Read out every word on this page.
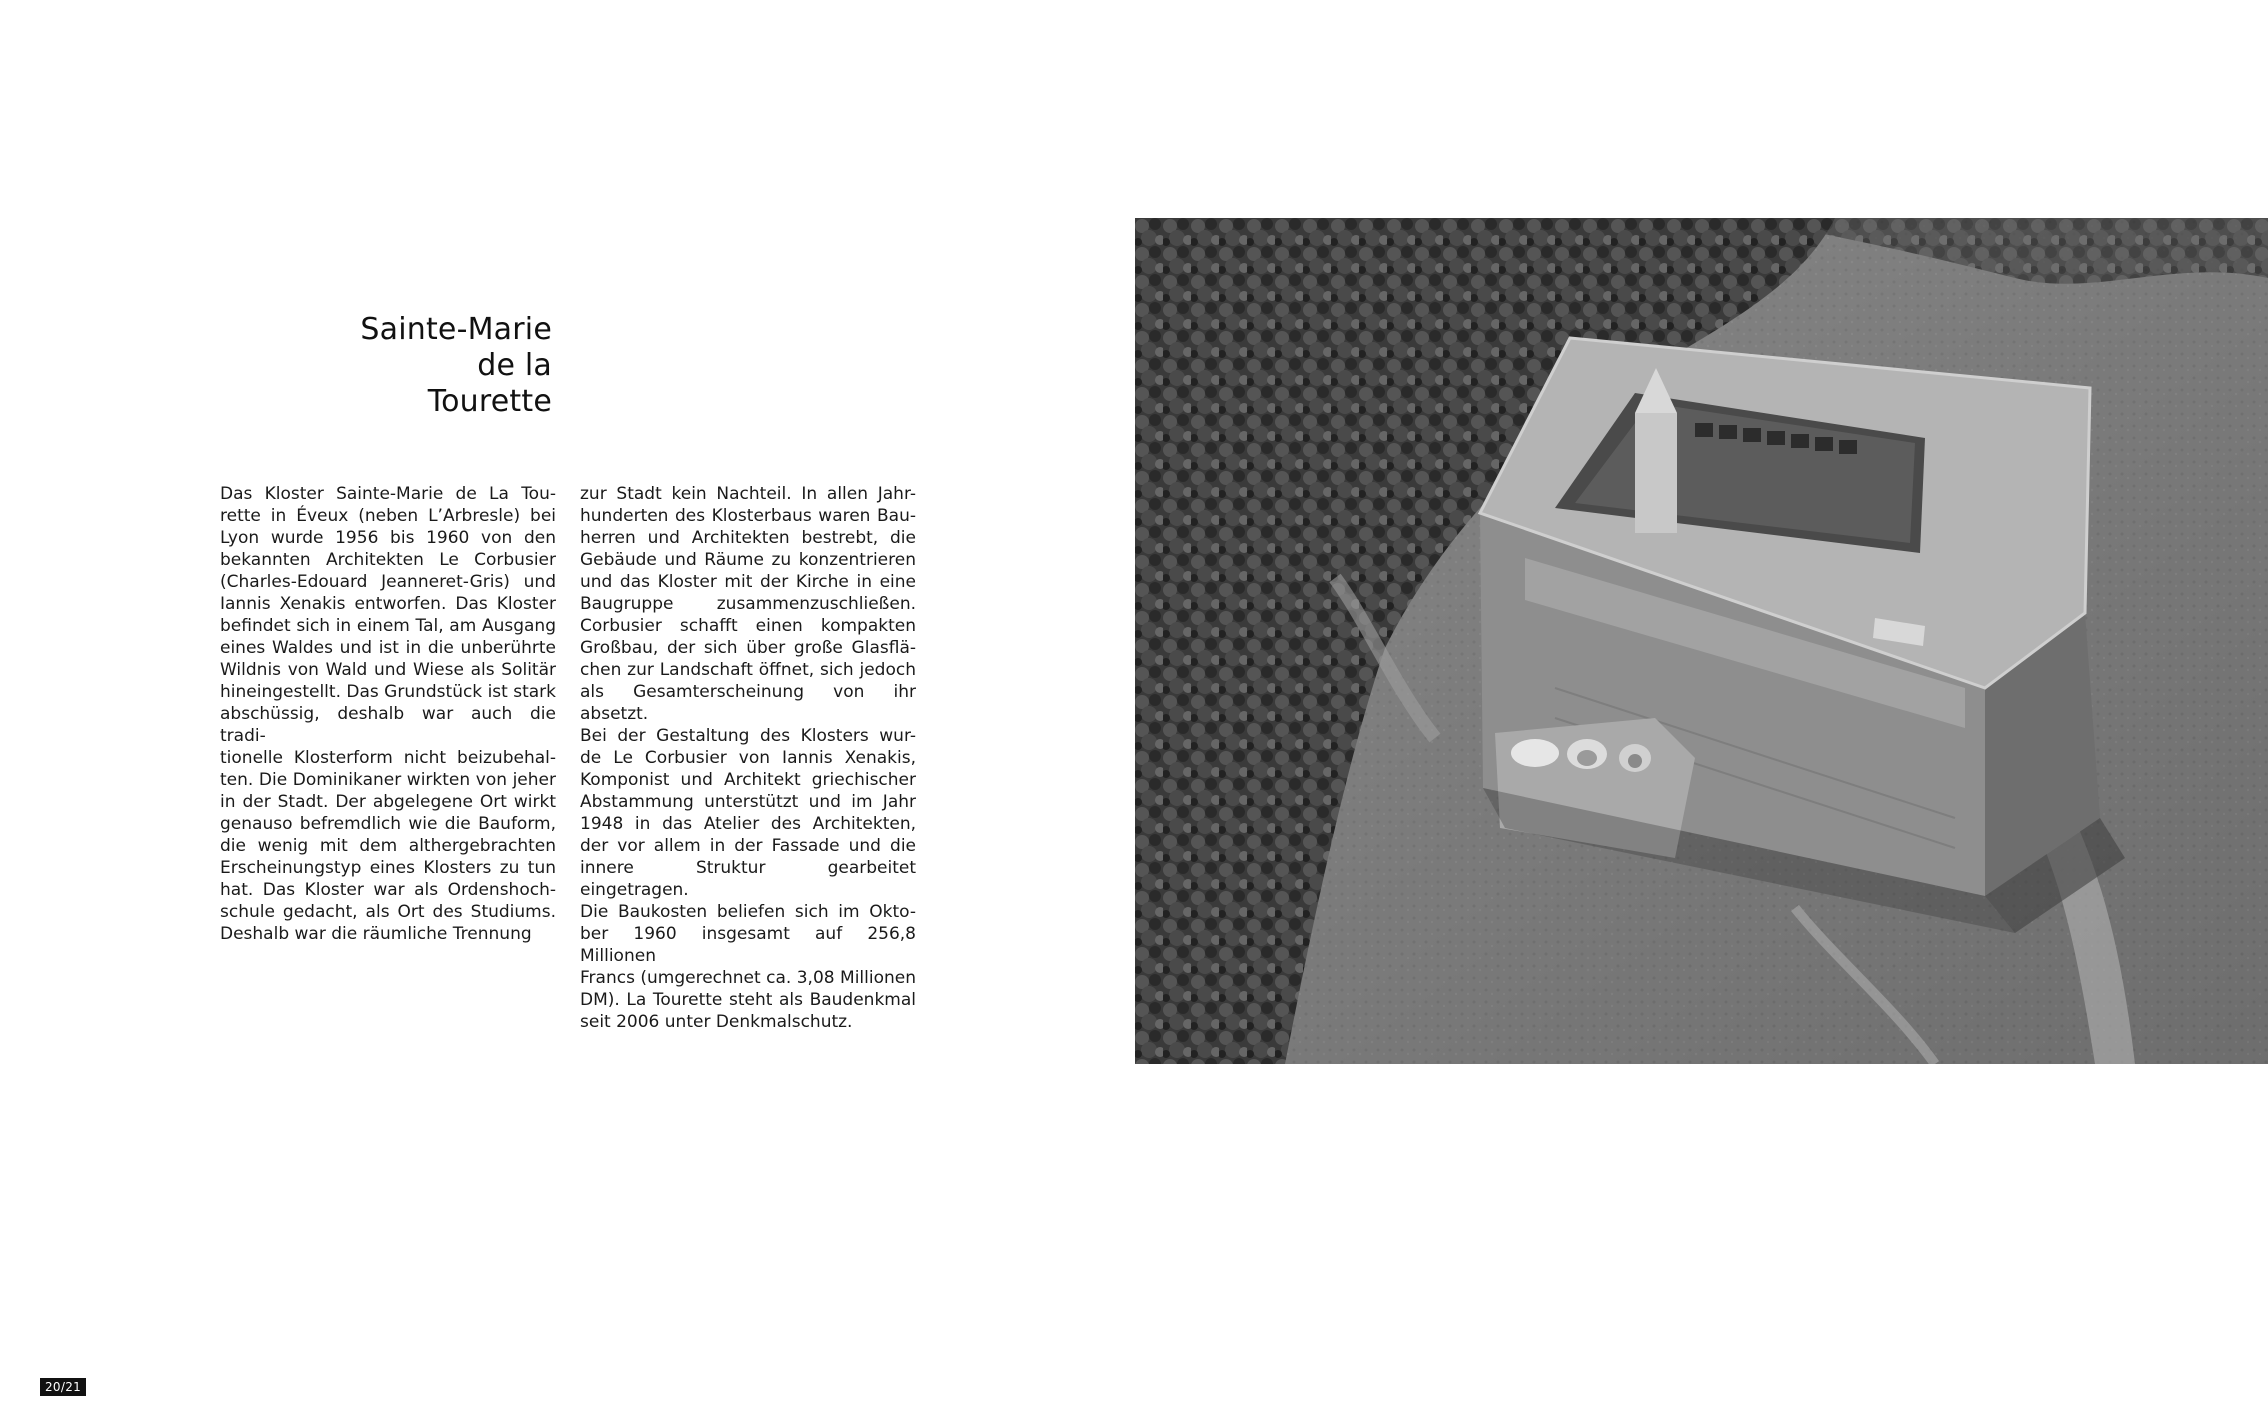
Sainte-Marie
de la
Tourette
Das Kloster Sainte-Marie de La Tou-
rette in Éveux (neben L’Arbresle) bei
Lyon wurde 1956 bis 1960 von den
bekannten Architekten Le Corbusier
(Charles-Edouard Jeanneret-Gris) und
Iannis Xenakis entworfen. Das Kloster
befindet sich in einem Tal, am Ausgang
eines Waldes und ist in die unberührte
Wildnis von Wald und Wiese als Solitär
hineingestellt. Das Grundstück ist stark
abschüssig, deshalb war auch die tradi-
tionelle Klosterform nicht beizubehal-
ten. Die Dominikaner wirkten von jeher
in der Stadt. Der abgelegene Ort wirkt
genauso befremdlich wie die Bauform,
die wenig mit dem althergebrachten
Erscheinungstyp eines Klosters zu tun
hat. Das Kloster war als Ordenshoch-
schule gedacht, als Ort des Studiums.
Deshalb war die räumliche Trennung
zur Stadt kein Nachteil. In allen Jahr-
hunderten des Klosterbaus waren Bau-
herren und Architekten bestrebt, die
Gebäude und Räume zu konzentrieren
und das Kloster mit der Kirche in eine
Baugruppe zusammenzuschließen.
Corbusier schafft einen kompakten
Großbau, der sich über große Glasflä-
chen zur Landschaft öffnet, sich jedoch
als Gesamterscheinung von ihr absetzt.
Bei der Gestaltung des Klosters wur-
de Le Corbusier von Iannis Xenakis,
Komponist und Architekt griechischer
Abstammung unterstützt und im Jahr
1948 in das Atelier des Architekten,
der vor allem in der Fassade und die
innere Struktur gearbeitet eingetragen.
Die Baukosten beliefen sich im Okto-
ber 1960 insgesamt auf 256,8 Millionen
Francs (umgerechnet ca. 3,08 Millionen
DM). La Tourette steht als Baudenkmal
seit 2006 unter Denkmalschutz.
20/21
